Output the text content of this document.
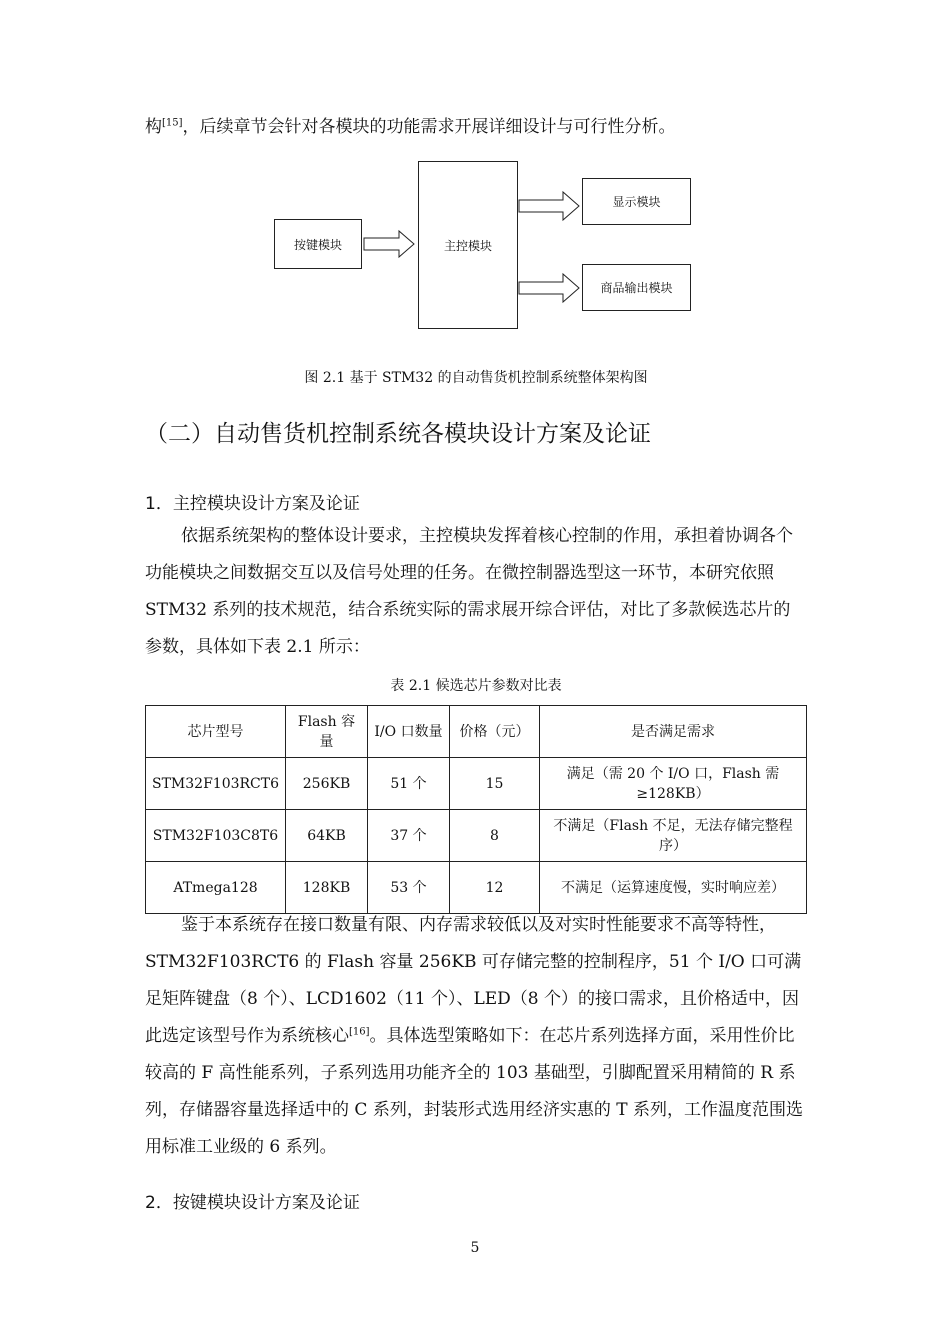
构[15]，后续章节会针对各模块的功能需求开展详细设计与可行性分析。

按键模块	主控模块
显示模块
商品输出模块
图 2.1 基于 STM32 的自动售货机控制系统整体架构图
（二）自动售货机控制系统各模块设计方案及论证
1．主控模块设计方案及论证

依据系统架构的整体设计要求，主控模块发挥着核心控制的作用，承担着协调各个功能模块之间数据交互以及信号处理的任务。在微控制器选型这一环节，本研究依照 STM32 系列的技术规范，结合系统实际的需求展开综合评估，对比了多款候选芯片的参数，具体如下表 2.1 所示：

表 2.1 候选芯片参数对比表
芯片型号	Flash 容量	I/O 口数量	价格（元）	是否满足需求
STM32F103RCT6	256KB	51 个	15	满足（需 20 个 I/O 口，Flash 需≥128KB）
STM32F103C8T6	64KB	37 个	8	不满足（Flash 不足，无法存储完整程序）
ATmega128	128KB	53 个	12	不满足（运算速度慢，实时响应差）

鉴于本系统存在接口数量有限、内存需求较低以及对实时性能要求不高等特性，STM32F103RCT6 的 Flash 容量 256KB 可存储完整的控制程序，51 个 I/O 口可满足矩阵键盘（8 个）、LCD1602（11 个）、LED（8 个）的接口需求，且价格适中，因此选定该型号作为系统核心[16]。具体选型策略如下：在芯片系列选择方面，采用性价比较高的 F 高性能系列，子系列选用功能齐全的 103 基础型，引脚配置采用精简的 R 系列，存储器容量选择适中的 C 系列，封装形式选用经济实惠的 T 系列，工作温度范围选用标准工业级的 6 系列。

2．按键模块设计方案及论证
5
